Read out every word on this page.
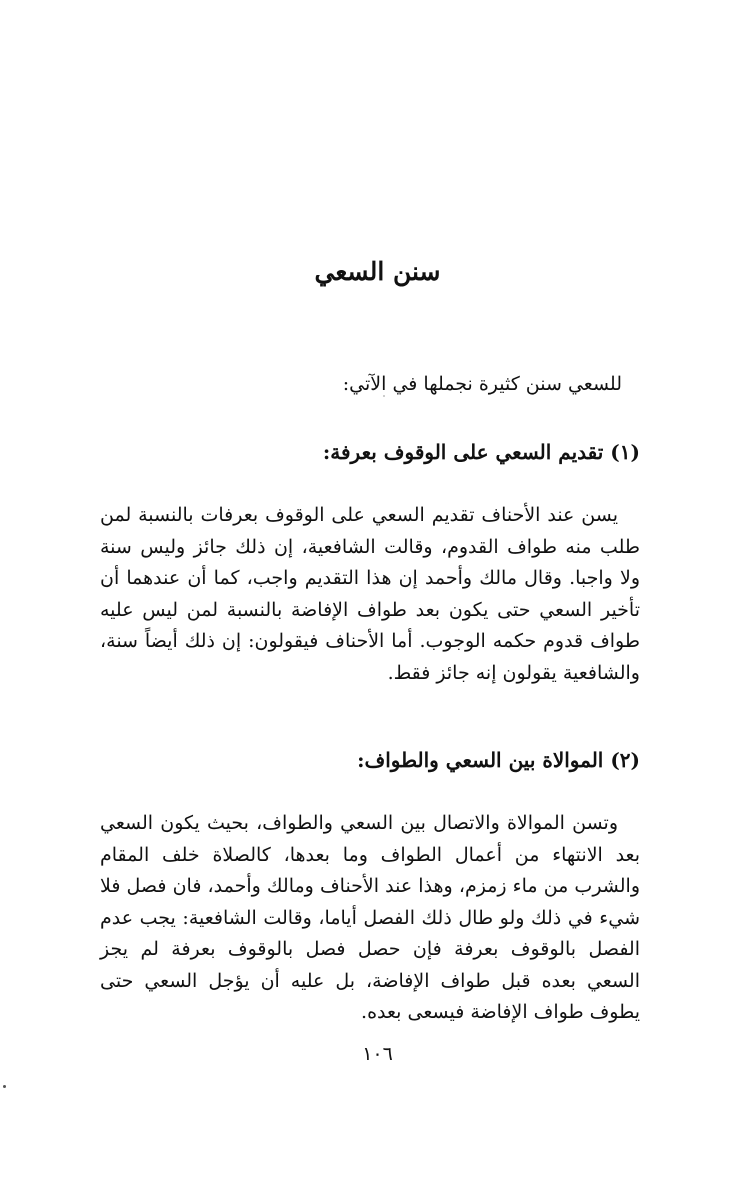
سنن السعي

للسعي سنن كثيرة نجملها في الآتي:

(١) تقديم السعي على الوقوف بعرفة:

يسن عند الأحناف تقديم السعي على الوقوف بعرفات بالنسبة لمن طلب منه طواف القدوم، وقالت الشافعية، إن ذلك جائز وليس سنة ولا واجبا. وقال مالك وأحمد إن هذا التقديم واجب، كما أن عندهما أن تأخير السعي حتى يكون بعد طواف الإفاضة بالنسبة لمن ليس عليه طواف قدوم حكمه الوجوب. أما الأحناف فيقولون: إن ذلك أيضاً سنة، والشافعية يقولون إنه جائز فقط.

(٢) الموالاة بين السعي والطواف:

وتسن الموالاة والاتصال بين السعي والطواف، بحيث يكون السعي بعد الانتهاء من أعمال الطواف وما بعدها، كالصلاة خلف المقام والشرب من ماء زمزم، وهذا عند الأحناف ومالك وأحمد، فان فصل فلا شيء في ذلك ولو طال ذلك الفصل أياما، وقالت الشافعية: يجب عدم الفصل بالوقوف بعرفة فإن حصل فصل بالوقوف بعرفة لم يجز السعي بعده قبل طواف الإفاضة، بل عليه أن يؤجل السعي حتى يطوف طواف الإفاضة فيسعى بعده.

١٠٦
